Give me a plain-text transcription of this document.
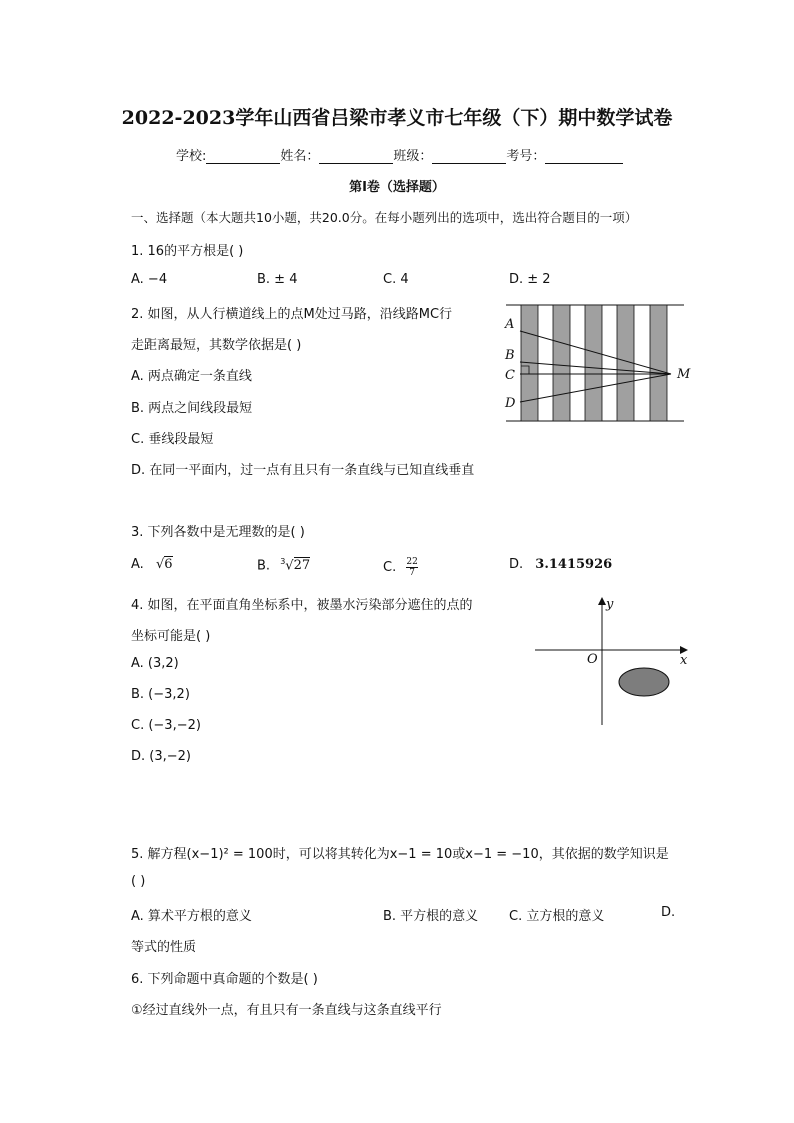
2022-2023学年山西省吕梁市孝义市七年级（下）期中数学试卷
学校:	姓名：	班级：	考号：
第Ⅰ卷（选择题）
一、选择题（本大题共10小题，共20.0分。在每小题列出的选项中，选出符合题目的一项）
1. 16的平方根是( )
A. −4	B. ± 4	C. 4	D. ± 2
2. 如图，从人行横道线上的点M处过马路，沿线路MC行
走距离最短，其数学依据是( )
A. 两点确定一条直线
B. 两点之间线段最短
C. 垂线段最短
D. 在同一平面内，过一点有且只有一条直线与已知直线垂直
A
B
C
D
M
3. 下列各数中是无理数的是( )
A. √6	B. $^3$√27	C. $\frac{22}{7}$	D. 3.1415926
4. 如图，在平面直角坐标系中，被墨水污染部分遮住的点的
坐标可能是( )
A. (3,2)
B. (−3,2)
C. (−3,−2)
D. (3,−2)
x
y
O
5. 解方程(x−1)² = 100时，可以将其转化为x−1 = 10或x−1 = −10，其依据的数学知识是
( )
A. 算术平方根的意义	B. 平方根的意义 C. 立方根的意义	D.
等式的性质
6. 下列命题中真命题的个数是( )
①经过直线外一点，有且只有一条直线与这条直线平行
